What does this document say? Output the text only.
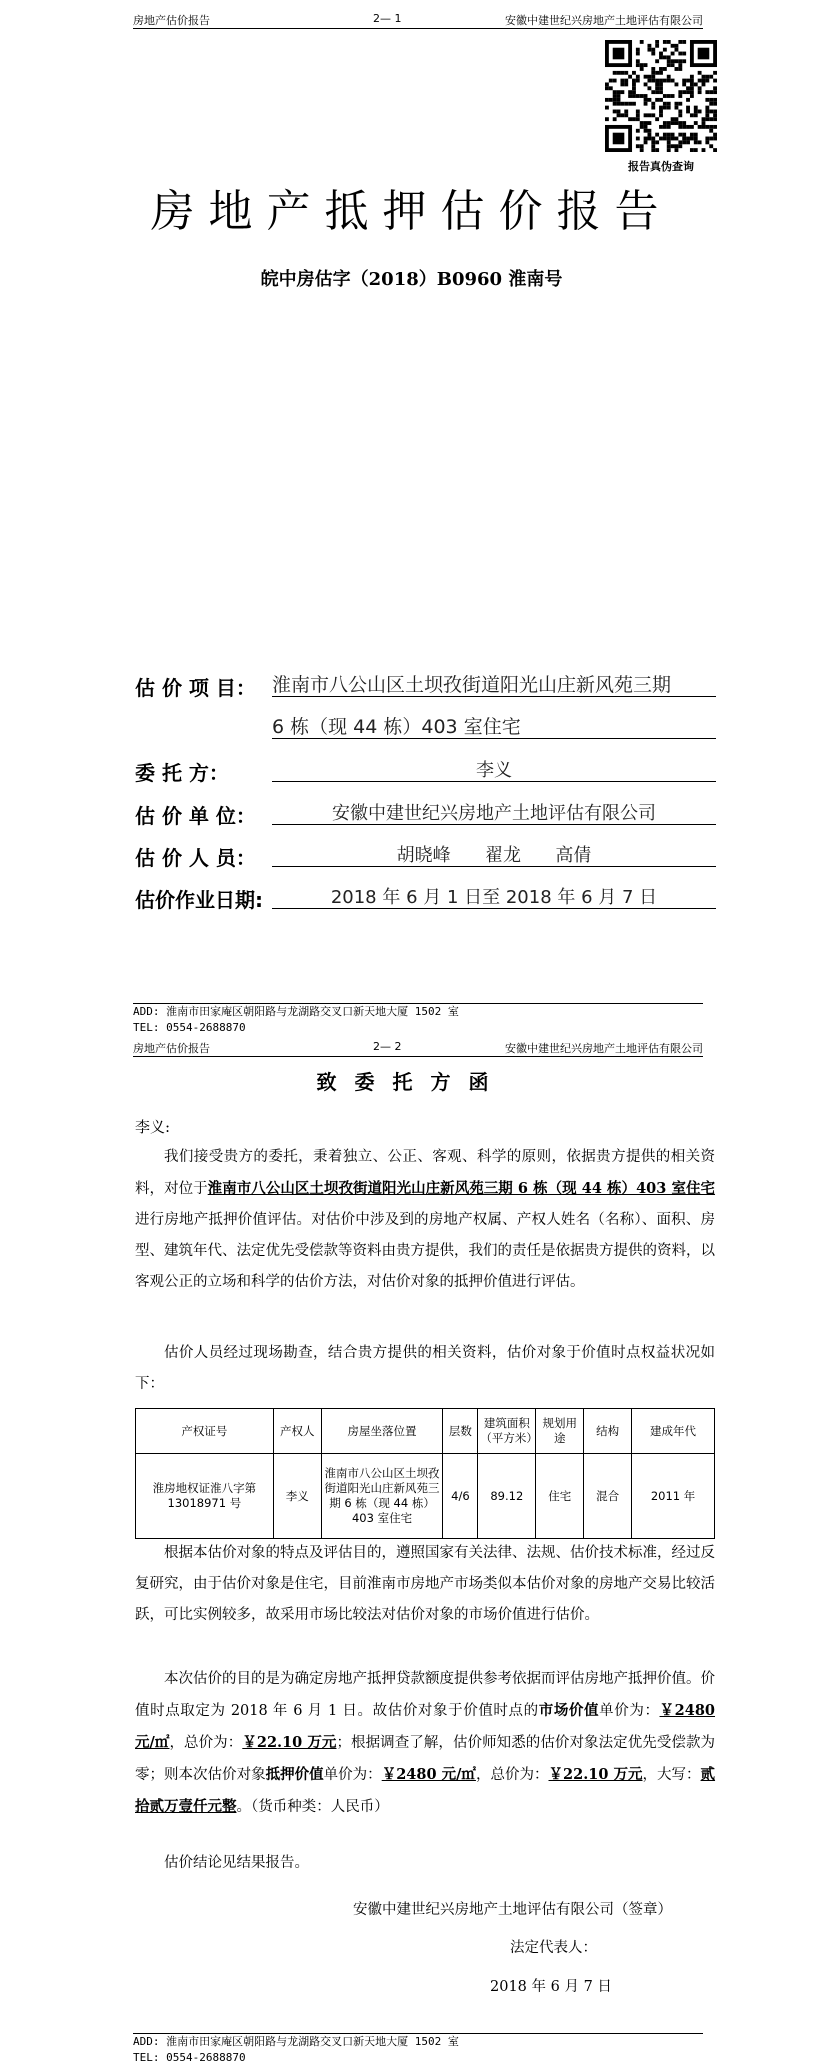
房地产估价报告	2— 1	安徽中建世纪兴房地产土地评估有限公司
报告真伪查询
房地产抵押估价报告
皖中房估字（2018）B0960 淮南号
估 价 项 目： 淮南市八公山区土坝孜街道阳光山庄新风苑三期
6 栋（现 44 栋）403 室住宅
委 托 方：	李义
估 价 单 位：	安徽中建世纪兴房地产土地评估有限公司
估 价 人 员：	胡晓峰      翟龙      高倩
估价作业日期:	2018 年 6 月 1 日至 2018 年 6 月 7 日
ADD: 淮南市田家庵区朝阳路与龙湖路交叉口新天地大厦 1502 室
TEL: 0554-2688870
房地产估价报告	2— 2	安徽中建世纪兴房地产土地评估有限公司
致委托方函
李义:
我们接受贵方的委托，秉着独立、公正、客观、科学的原则，依据贵方提供的相关资料，对位于淮南市八公山区土坝孜街道阳光山庄新风苑三期 6 栋（现 44 栋）403 室住宅进行房地产抵押价值评估。对估价中涉及到的房地产权属、产权人姓名（名称）、面积、房型、建筑年代、法定优先受偿款等资料由贵方提供，我们的责任是依据贵方提供的资料，以客观公正的立场和科学的估价方法，对估价对象的抵押价值进行评估。
估价人员经过现场勘查，结合贵方提供的相关资料，估价对象于价值时点权益状况如下：
产权证号	产权人	房屋坐落位置	层数	建筑面积（平方米）	规划用途	结构	建成年代
淮房地权证淮八字第 13018971 号	李义	淮南市八公山区土坝孜街道阳光山庄新风苑三期 6 栋（现 44 栋）403 室住宅	4/6	89.12	住宅	混合	2011 年
根据本估价对象的特点及评估目的，遵照国家有关法律、法规、估价技术标准，经过反复研究，由于估价对象是住宅，目前淮南市房地产市场类似本估价对象的房地产交易比较活跃，可比实例较多，故采用市场比较法对估价对象的市场价值进行估价。
本次估价的目的是为确定房地产抵押贷款额度提供参考依据而评估房地产抵押价值。价值时点取定为 2018 年 6 月 1 日。故估价对象于价值时点的市场价值单价为：￥2480 元/㎡，总价为：￥22.10 万元；根据调查了解，估价师知悉的估价对象法定优先受偿款为零；则本次估价对象抵押价值单价为：￥2480 元/㎡，总价为：￥22.10 万元，大写：贰拾贰万壹仟元整。（货币种类：人民币）
估价结论见结果报告。
安徽中建世纪兴房地产土地评估有限公司（签章）
法定代表人：
2018 年 6 月 7 日
ADD: 淮南市田家庵区朝阳路与龙湖路交叉口新天地大厦 1502 室
TEL: 0554-2688870
